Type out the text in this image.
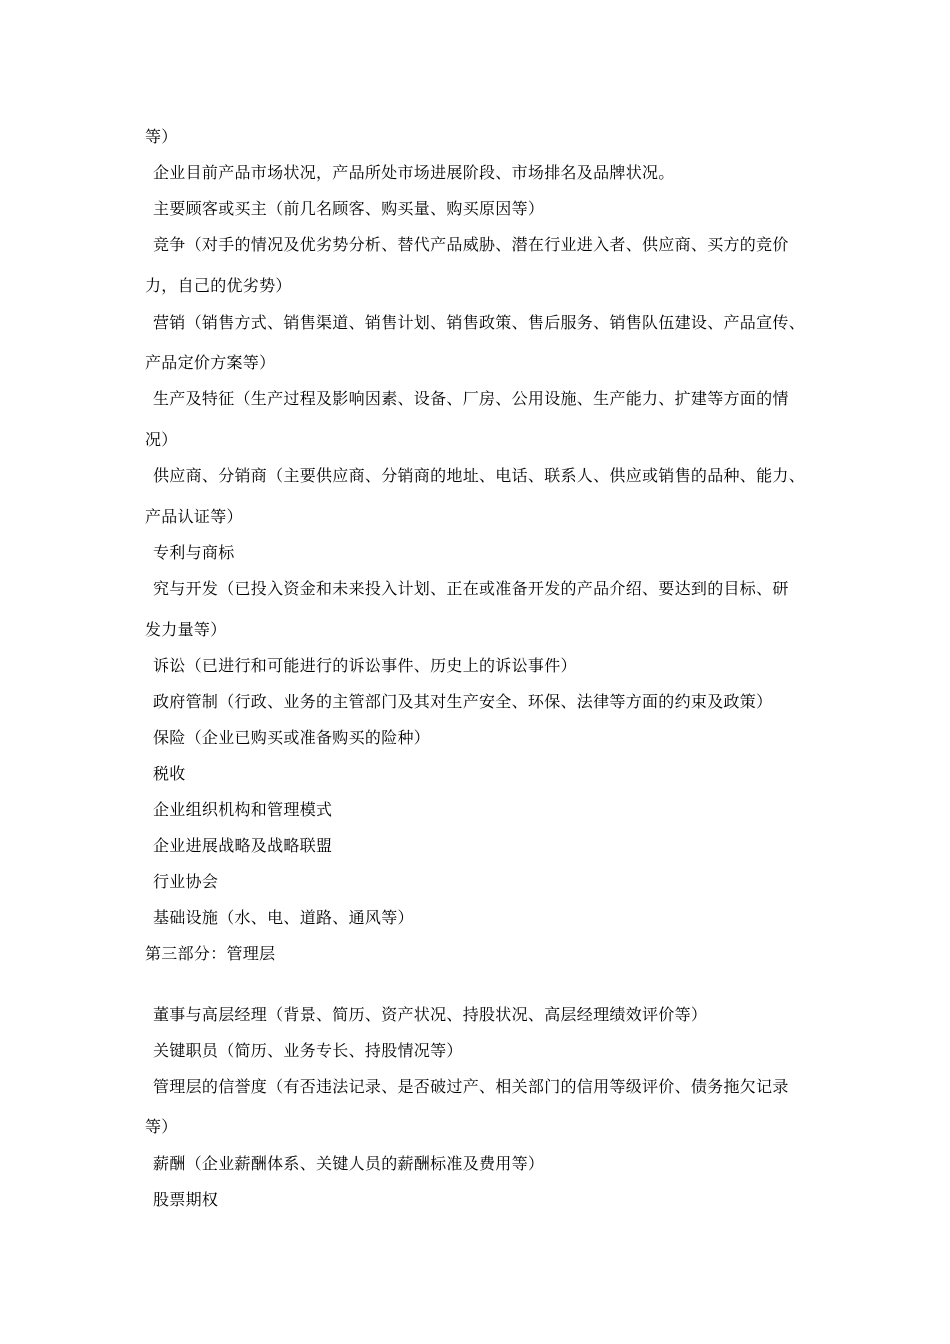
等）
企业目前产品市场状况，产品所处市场进展阶段、市场排名及品牌状况。
主要顾客或买主（前几名顾客、购买量、购买原因等）
竞争（对手的情况及优劣势分析、替代产品威胁、潜在行业进入者、供应商、买方的竞价
力，自己的优劣势）
营销（销售方式、销售渠道、销售计划、销售政策、售后服务、销售队伍建设、产品宣传、
产品定价方案等）
生产及特征（生产过程及影响因素、设备、厂房、公用设施、生产能力、扩建等方面的情
况）
供应商、分销商（主要供应商、分销商的地址、电话、联系人、供应或销售的品种、能力、
产品认证等）
专利与商标
究与开发（已投入资金和未来投入计划、正在或准备开发的产品介绍、要达到的目标、研
发力量等）
诉讼（已进行和可能进行的诉讼事件、历史上的诉讼事件）
政府管制（行政、业务的主管部门及其对生产安全、环保、法律等方面的约束及政策）
保险（企业已购买或准备购买的险种）
税收
企业组织机构和管理模式
企业进展战略及战略联盟
行业协会
基础设施（水、电、道路、通风等）
第三部分：管理层
董事与高层经理（背景、简历、资产状况、持股状况、高层经理绩效评价等）
关键职员（简历、业务专长、持股情况等）
管理层的信誉度（有否违法记录、是否破过产、相关部门的信用等级评价、债务拖欠记录
等）
薪酬（企业薪酬体系、关键人员的薪酬标准及费用等）
股票期权
